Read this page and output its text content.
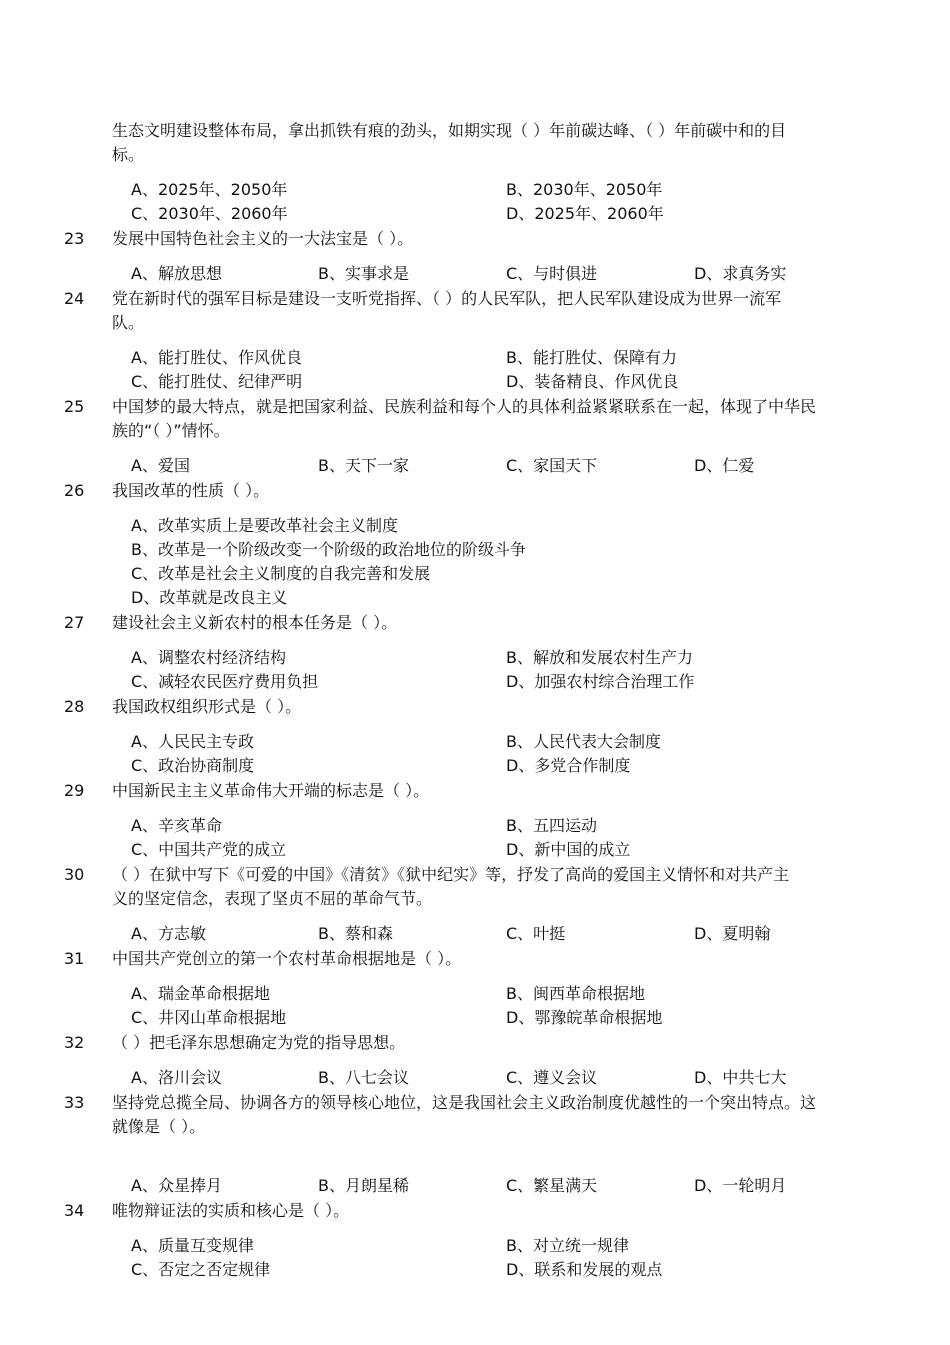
生态文明建设整体布局，拿出抓铁有痕的劲头，如期实现（ ）年前碳达峰、（ ）年前碳中和的目
标。
A、2025年、2050年	B、2030年、2050年
C、2030年、2060年	D、2025年、2060年
23 发展中国特色社会主义的一大法宝是（ ）。
A、解放思想	B、实事求是	C、与时俱进	D、求真务实
24 党在新时代的强军目标是建设一支听党指挥、（ ）的人民军队，把人民军队建设成为世界一流军
队。
A、能打胜仗、作风优良	B、能打胜仗、保障有力
C、能打胜仗、纪律严明	D、装备精良、作风优良
25 中国梦的最大特点，就是把国家利益、民族利益和每个人的具体利益紧紧联系在一起，体现了中华民
族的“（ ）”情怀。
A、爱国	B、天下一家	C、家国天下	D、仁爱
26 我国改革的性质（ ）。
A、改革实质上是要改革社会主义制度
B、改革是一个阶级改变一个阶级的政治地位的阶级斗争
C、改革是社会主义制度的自我完善和发展
D、改革就是改良主义
27 建设社会主义新农村的根本任务是（ ）。
A、调整农村经济结构	B、解放和发展农村生产力
C、减轻农民医疗费用负担	D、加强农村综合治理工作
28 我国政权组织形式是（ ）。
A、人民民主专政	B、人民代表大会制度
C、政治协商制度	D、多党合作制度
29 中国新民主主义革命伟大开端的标志是（ ）。
A、辛亥革命	B、五四运动
C、中国共产党的成立	D、新中国的成立
30 （ ）在狱中写下《可爱的中国》《清贫》《狱中纪实》等，抒发了高尚的爱国主义情怀和对共产主
义的坚定信念，表现了坚贞不屈的革命气节。
A、方志敏	B、蔡和森	C、叶挺	D、夏明翰
31 中国共产党创立的第一个农村革命根据地是（ ）。
A、瑞金革命根据地	B、闽西革命根据地
C、井冈山革命根据地	D、鄂豫皖革命根据地
32 （ ）把毛泽东思想确定为党的指导思想。
A、洛川会议	B、八七会议	C、遵义会议	D、中共七大
33 坚持党总揽全局、协调各方的领导核心地位，这是我国社会主义政治制度优越性的一个突出特点。这
就像是（ ）。
A、众星捧月	B、月朗星稀	C、繁星满天	D、一轮明月
34 唯物辩证法的实质和核心是（ ）。
A、质量互变规律	B、对立统一规律
C、否定之否定规律	D、联系和发展的观点
